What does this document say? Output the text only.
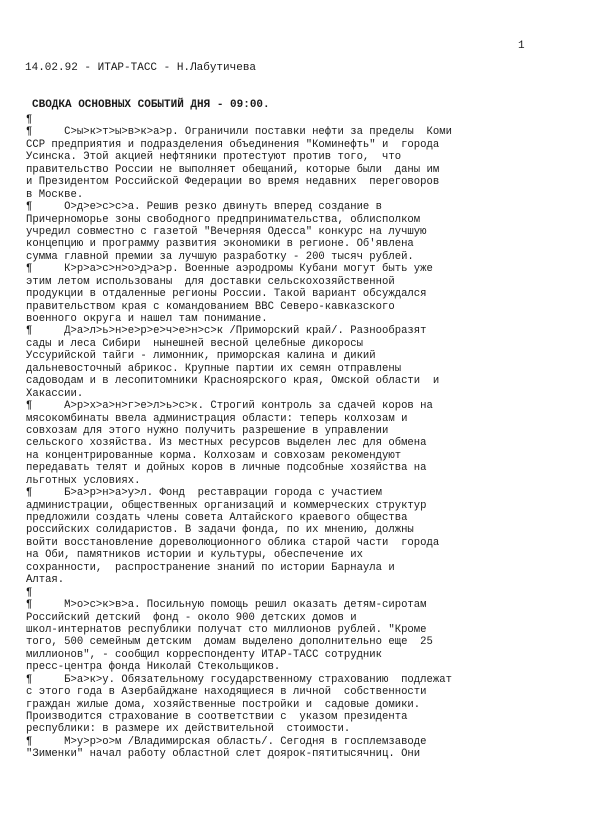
1
14.02.92 - ИТАР-ТАСС - Н.Лабутичева
СВОДКА ОСНОВНЫХ СОБЫТИЙ ДНЯ - 09:00.
¶
¶     С>ы>к>т>ы>в>к>а>р. Ограничили поставки нефти за пределы  Коми
ССР предприятия и подразделения объединения "Коминефть" и  города
Усинска. Этой акцией нефтяники протестуют против того,  что
правительство России не выполняет обещаний, которые были  даны им
и Президентом Российской Федерации во время недавних  переговоров
в Москве.
¶     О>д>е>с>с>а. Решив резко двинуть вперед создание в
Причерноморье зоны свободного предпринимательства, облисполком
учредил совместно с газетой "Вечерняя Одесса" конкурс на лучшую
концепцию и программу развития экономики в регионе. Об'явлена
сумма главной премии за лучшую разработку - 200 тысяч рублей.
¶     К>р>а>с>н>о>д>а>р. Военные аэродромы Кубани могут быть уже
этим летом использованы  для доставки сельскохозяйственной
продукции в отдаленные регионы России. Такой вариант обсуждался
правительством края с командованием ВВС Северо-кавказского
военного округа и нашел там понимание.
¶     Д>а>л>ь>н>е>р>е>ч>е>н>с>к /Приморский край/. Разнообразят
сады и леса Сибири  нынешней весной целебные дикоросы
Уссурийской тайги - лимонник, приморская калина и дикий
дальневосточный абрикос. Крупные партии их семян отправлены
садоводам и в лесопитомники Красноярского края, Омской области  и
Хакассии.
¶     А>р>х>а>н>г>е>л>ь>с>к. Строгий контроль за сдачей коров на
мясокомбинаты ввела администрация области: теперь колхозам и
совхозам для этого нужно получить разрешение в управлении
сельского хозяйства. Из местных ресурсов выделен лес для обмена
на концентрированные корма. Колхозам и совхозам рекомендуют
передавать телят и дойных коров в личные подсобные хозяйства на
льготных условиях.
¶     Б>а>р>н>а>у>л. Фонд  реставрации города с участием
администрации, общественных организаций и коммерческих структур
предложили создать члены совета Алтайского краевого общества
российских солидаристов. В задачи фонда, по их мнению, должны
войти восстановление дореволюционного облика старой части  города
на Оби, памятников истории и культуры, обеспечение их
сохранности,  распространение знаний по истории Барнаула и
Алтая.
¶
¶     М>о>с>к>в>а. Посильную помощь решил оказать детям-сиротам
Российский детский  фонд - около 900 детских домов и
школ-интернатов республики получат сто миллионов рублей. "Кроме
того, 500 семейным детским  домам выделено дополнительно еще  25
миллионов", - сообщил корреспонденту ИТАР-ТАСС сотрудник
пресс-центра фонда Николай Стекольщиков.
¶     Б>а>к>у. Обязательному государственному страхованию  подлежат
с этого года в Азербайджане находящиеся в личной  собственности
граждан жилые дома, хозяйственные постройки и  садовые домики.
Производится страхование в соответствии с  указом президента
республики: в размере их действительной  стоимости.
¶     М>у>р>о>м /Владимирская область/. Сегодня в госплемзаводе
"Зименки" начал работу областной слет доярок-пятитысячниц. Они
